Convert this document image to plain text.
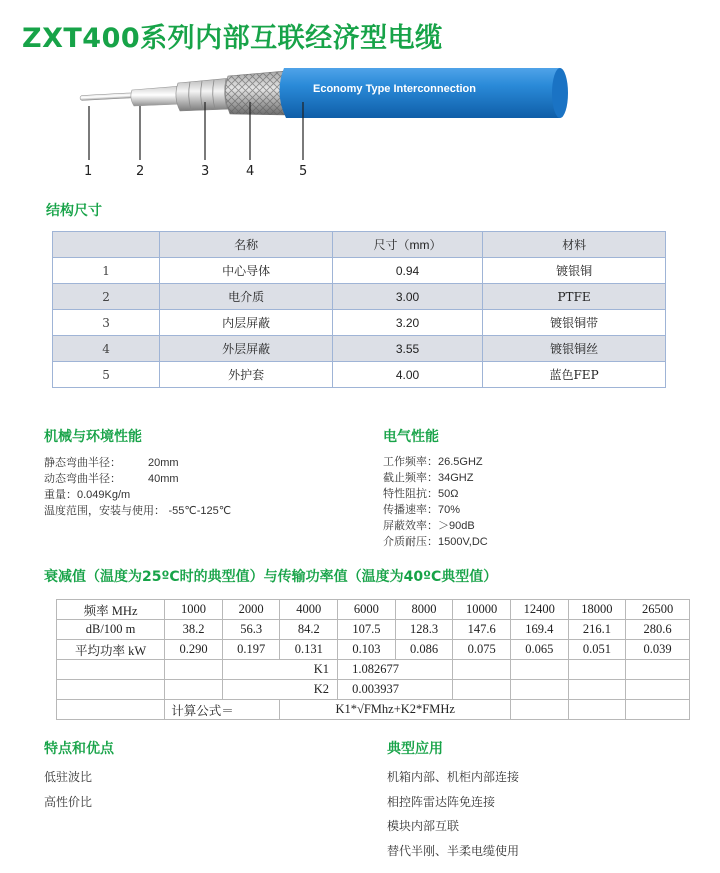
ZXT400系列内部互联经济型电缆
Economy Type Interconnection
1	2	3	4	5
结构尺寸
	名称	尺寸（mm）	材料
1	中心导体	0.94	镀银铜
2	电介质	3.00	PTFE
3	内层屏蔽	3.20	镀银铜带
4	外层屏蔽	3.55	镀银铜丝
5	外护套	4.00	蓝色FEP
机械与环境性能
静态弯曲半径： 20mm
动态弯曲半径： 40mm
重量：0.049Kg/m
温度范围，安装与使用： -55℃-125℃
电气性能
工作频率：26.5GHZ
截止频率：34GHZ
特性阻抗：50Ω
传播速率：70%
屏蔽效率：＞90dB
介质耐压：1500V,DC
衰减值（温度为25ºC时的典型值）与传输功率值（温度为40ºC典型值）
频率 MHz	1000	2000	4000	6000	8000	10000	12400	18000	26500
dB/100 m	38.2	56.3	84.2	107.5	128.3	147.6	169.4	216.1	280.6
平均功率 kW	0.290	0.197	0.131	0.103	0.086	0.075	0.065	0.051	0.039
		K1		1.082677					
		K2		0.003937					
	计算公式＝		K1*√FMhz+K2*FMHz						
特点和优点
低驻波比
高性价比
典型应用
机箱内部、机柜内部连接
相控阵雷达阵免连接
模块内部互联
替代半刚、半柔电缆使用
